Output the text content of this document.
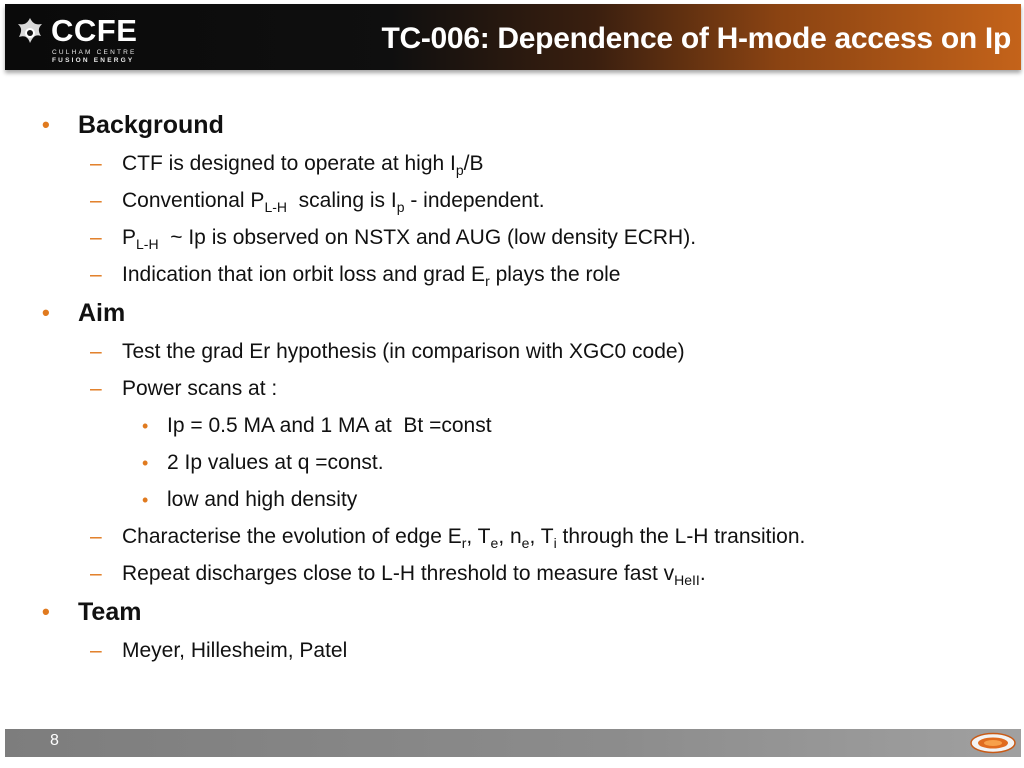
CCFE
CULHAM CENTRE
FUSION ENERGY
TC-006: Dependence of H-mode access on Ip
• Background
– CTF is designed to operate at high $I_p/B$
– Conventional $P_{L-H}$  scaling is $I_p$ - independent.
– $P_{L-H}$  ~ Ip is observed on NSTX and AUG (low density ECRH).
– Indication that ion orbit loss and grad $E_r$ plays the role
• Aim
– Test the grad Er hypothesis (in comparison with XGC0 code)
– Power scans at :
• Ip = 0.5 MA and 1 MA at  Bt =const
• 2 Ip values at q =const.
• low and high density
– Characterise the evolution of edge $E_r$, $T_e$, $n_e$, $T_i$ through the L-H transition.
– Repeat discharges close to L-H threshold to measure fast $v_{HeII}$.
• Team
– Meyer, Hillesheim, Patel
8
